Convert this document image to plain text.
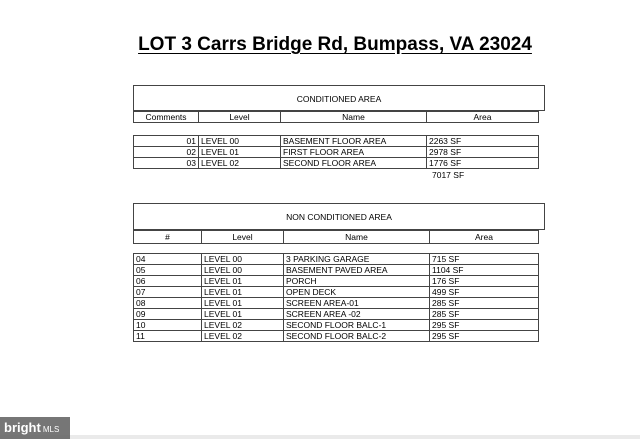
LOT 3 Carrs Bridge Rd, Bumpass, VA 23024
CONDITIONED AREA
Comments	Level	Name	Area
01	LEVEL 00	BASEMENT FLOOR AREA	2263 SF
02	LEVEL 01	FIRST FLOOR AREA	2978 SF
03	LEVEL 02	SECOND FLOOR AREA	1776 SF
7017 SF
NON CONDITIONED AREA
#	Level	Name	Area
04	LEVEL 00	3 PARKING GARAGE	715 SF
05	LEVEL 00	BASEMENT PAVED AREA	1104 SF
06	LEVEL 01	PORCH	176 SF
07	LEVEL 01	OPEN DECK	499 SF
08	LEVEL 01	SCREEN AREA-01	285 SF
09	LEVEL 01	SCREEN AREA -02	285 SF
10	LEVEL 02	SECOND FLOOR BALC-1	295 SF
11	LEVEL 02	SECOND FLOOR BALC-2	295 SF
bright MLS
